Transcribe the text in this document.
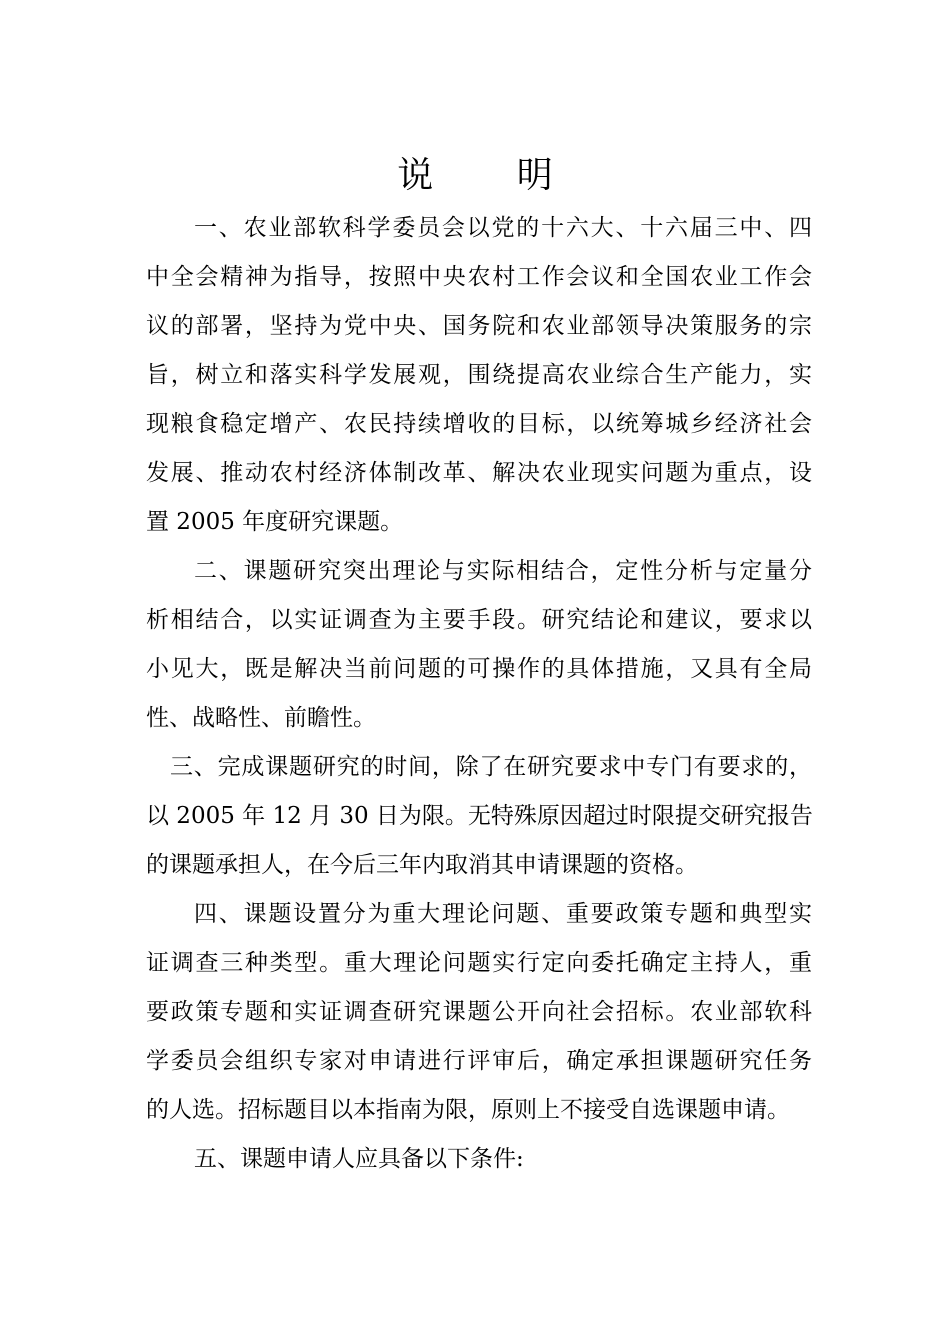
说 明
一、农业部软科学委员会以党的十六大、十六届三中、四
中全会精神为指导，按照中央农村工作会议和全国农业工作会
议的部署，坚持为党中央、国务院和农业部领导决策服务的宗
旨，树立和落实科学发展观，围绕提高农业综合生产能力，实
现粮食稳定增产、农民持续增收的目标，以统筹城乡经济社会
发展、推动农村经济体制改革、解决农业现实问题为重点，设
置 2005 年度研究课题。
二、课题研究突出理论与实际相结合，定性分析与定量分
析相结合，以实证调查为主要手段。研究结论和建议，要求以
小见大，既是解决当前问题的可操作的具体措施，又具有全局
性、战略性、前瞻性。
三、完成课题研究的时间，除了在研究要求中专门有要求的，
以 2005 年 12 月 30 日为限。无特殊原因超过时限提交研究报告
的课题承担人，在今后三年内取消其申请课题的资格。
四、课题设置分为重大理论问题、重要政策专题和典型实
证调查三种类型。重大理论问题实行定向委托确定主持人，重
要政策专题和实证调查研究课题公开向社会招标。农业部软科
学委员会组织专家对申请进行评审后，确定承担课题研究任务
的人选。招标题目以本指南为限，原则上不接受自选课题申请。
五、课题申请人应具备以下条件:
